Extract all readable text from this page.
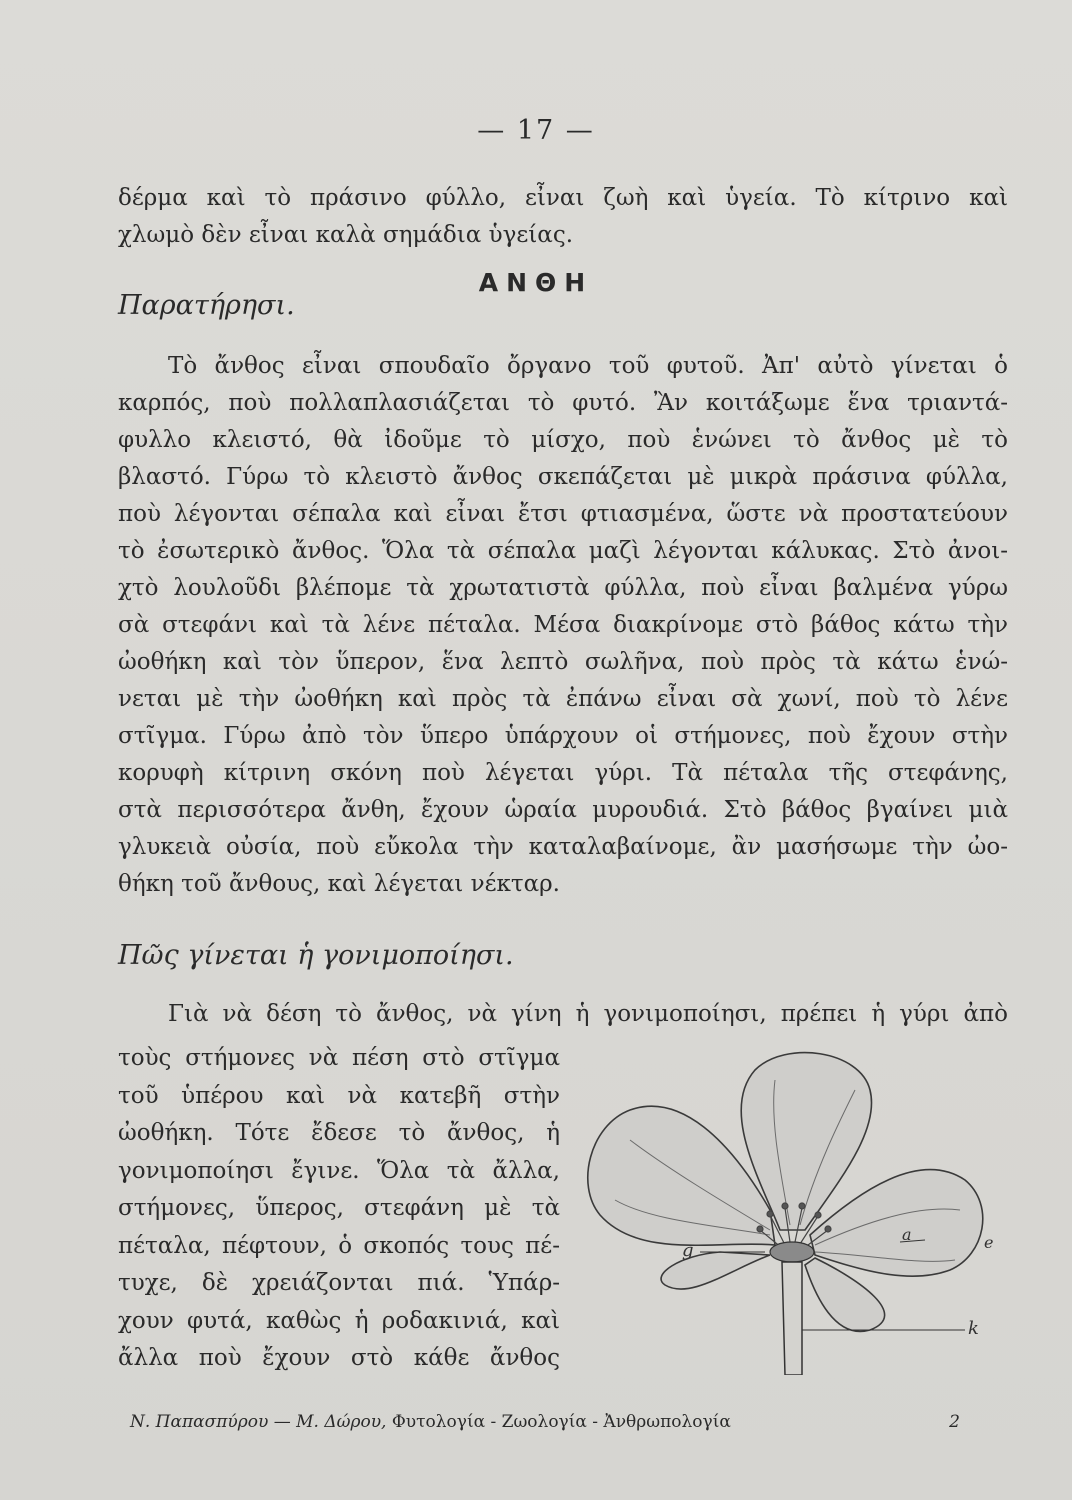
— 17 —
δέρμα καὶ τὸ πράσινο φύλλο, εἶναι ζωὴ καὶ ὑγεία. Τὸ κίτρινο καὶ
χλωμὸ δὲν εἶναι καλὰ σημάδια ὑγείας.
ΑΝΘΗ
Παρατήρησι.
Τὸ ἄνθος εἶναι σπουδαῖο ὄργανο τοῦ φυτοῦ. Ἀπ' αὐτὸ γίνεται ὁ
καρπός, ποὺ πολλαπλασιάζεται τὸ φυτό. Ἂν κοιτάξωμε ἕνα τριαντά-
φυλλο κλειστό, θὰ ἰδοῦμε τὸ μίσχο, ποὺ ἑνώνει τὸ ἄνθος μὲ τὸ
βλαστό. Γύρω τὸ κλειστὸ ἄνθος σκεπάζεται μὲ μικρὰ πράσινα φύλλα,
ποὺ λέγονται σέπαλα καὶ εἶναι ἔτσι φτιασμένα, ὥστε νὰ προστατεύουν
τὸ ἐσωτερικὸ ἄνθος. Ὅλα τὰ σέπαλα μαζὶ λέγονται κάλυκας. Στὸ ἀνοι-
χτὸ λουλοῦδι βλέπομε τὰ χρωτατιστὰ φύλλα, ποὺ εἶναι βαλμένα γύρω
σὰ στεφάνι καὶ τὰ λένε πέταλα. Μέσα διακρίνομε στὸ βάθος κάτω τὴν
ὠοθήκη καὶ τὸν ὕπερον, ἕνα λεπτὸ σωλῆνα, ποὺ πρὸς τὰ κάτω ἑνώ-
νεται μὲ τὴν ὠοθήκη καὶ πρὸς τὰ ἐπάνω εἶναι σὰ χωνί, ποὺ τὸ λένε
στῖγμα. Γύρω ἀπὸ τὸν ὕπερο ὑπάρχουν οἱ στήμονες, ποὺ ἔχουν στὴν
κορυφὴ κίτρινη σκόνη ποὺ λέγεται γύρι. Τὰ πέταλα τῆς στεφάνης,
στὰ περισσότερα ἄνθη, ἔχουν ὡραία μυρουδιά. Στὸ βάθος βγαίνει μιὰ
γλυκειὰ οὐσία, ποὺ εὔκολα τὴν καταλαβαίνομε, ἂν μασήσωμε τὴν ὠο-
θήκη τοῦ ἄνθους, καὶ λέγεται νέκταρ.
Πῶς γίνεται ἡ γονιμοποίησι.
Γιὰ νὰ δέση τὸ ἄνθος, νὰ γίνη ἡ γονιμοποίησι, πρέπει ἡ γύρι ἀπὸ
τοὺς στήμονες νὰ πέση στὸ στῖγμα
τοῦ ὑπέρου καὶ νὰ κατεβῆ στὴν
ὠοθήκη. Τότε ἔδεσε τὸ ἄνθος, ἡ
γονιμοποίησι ἔγινε. Ὅλα τὰ ἄλλα,
στήμονες, ὕπερος, στεφάνη μὲ τὰ
πέταλα, πέφτουν, ὁ σκοπός τους πέ-
τυχε, δὲ χρειάζονται πιά. Ὑπάρ-
χουν φυτά, καθὼς ἡ ροδακινιά, καὶ
ἄλλα ποὺ ἔχουν στὸ κάθε ἄνθος
g
a	e
k
Ν. Παπασπύρου — Μ. Δώρου, Φυτολογία - Ζωολογία - Ἀνθρωπολογία	2
